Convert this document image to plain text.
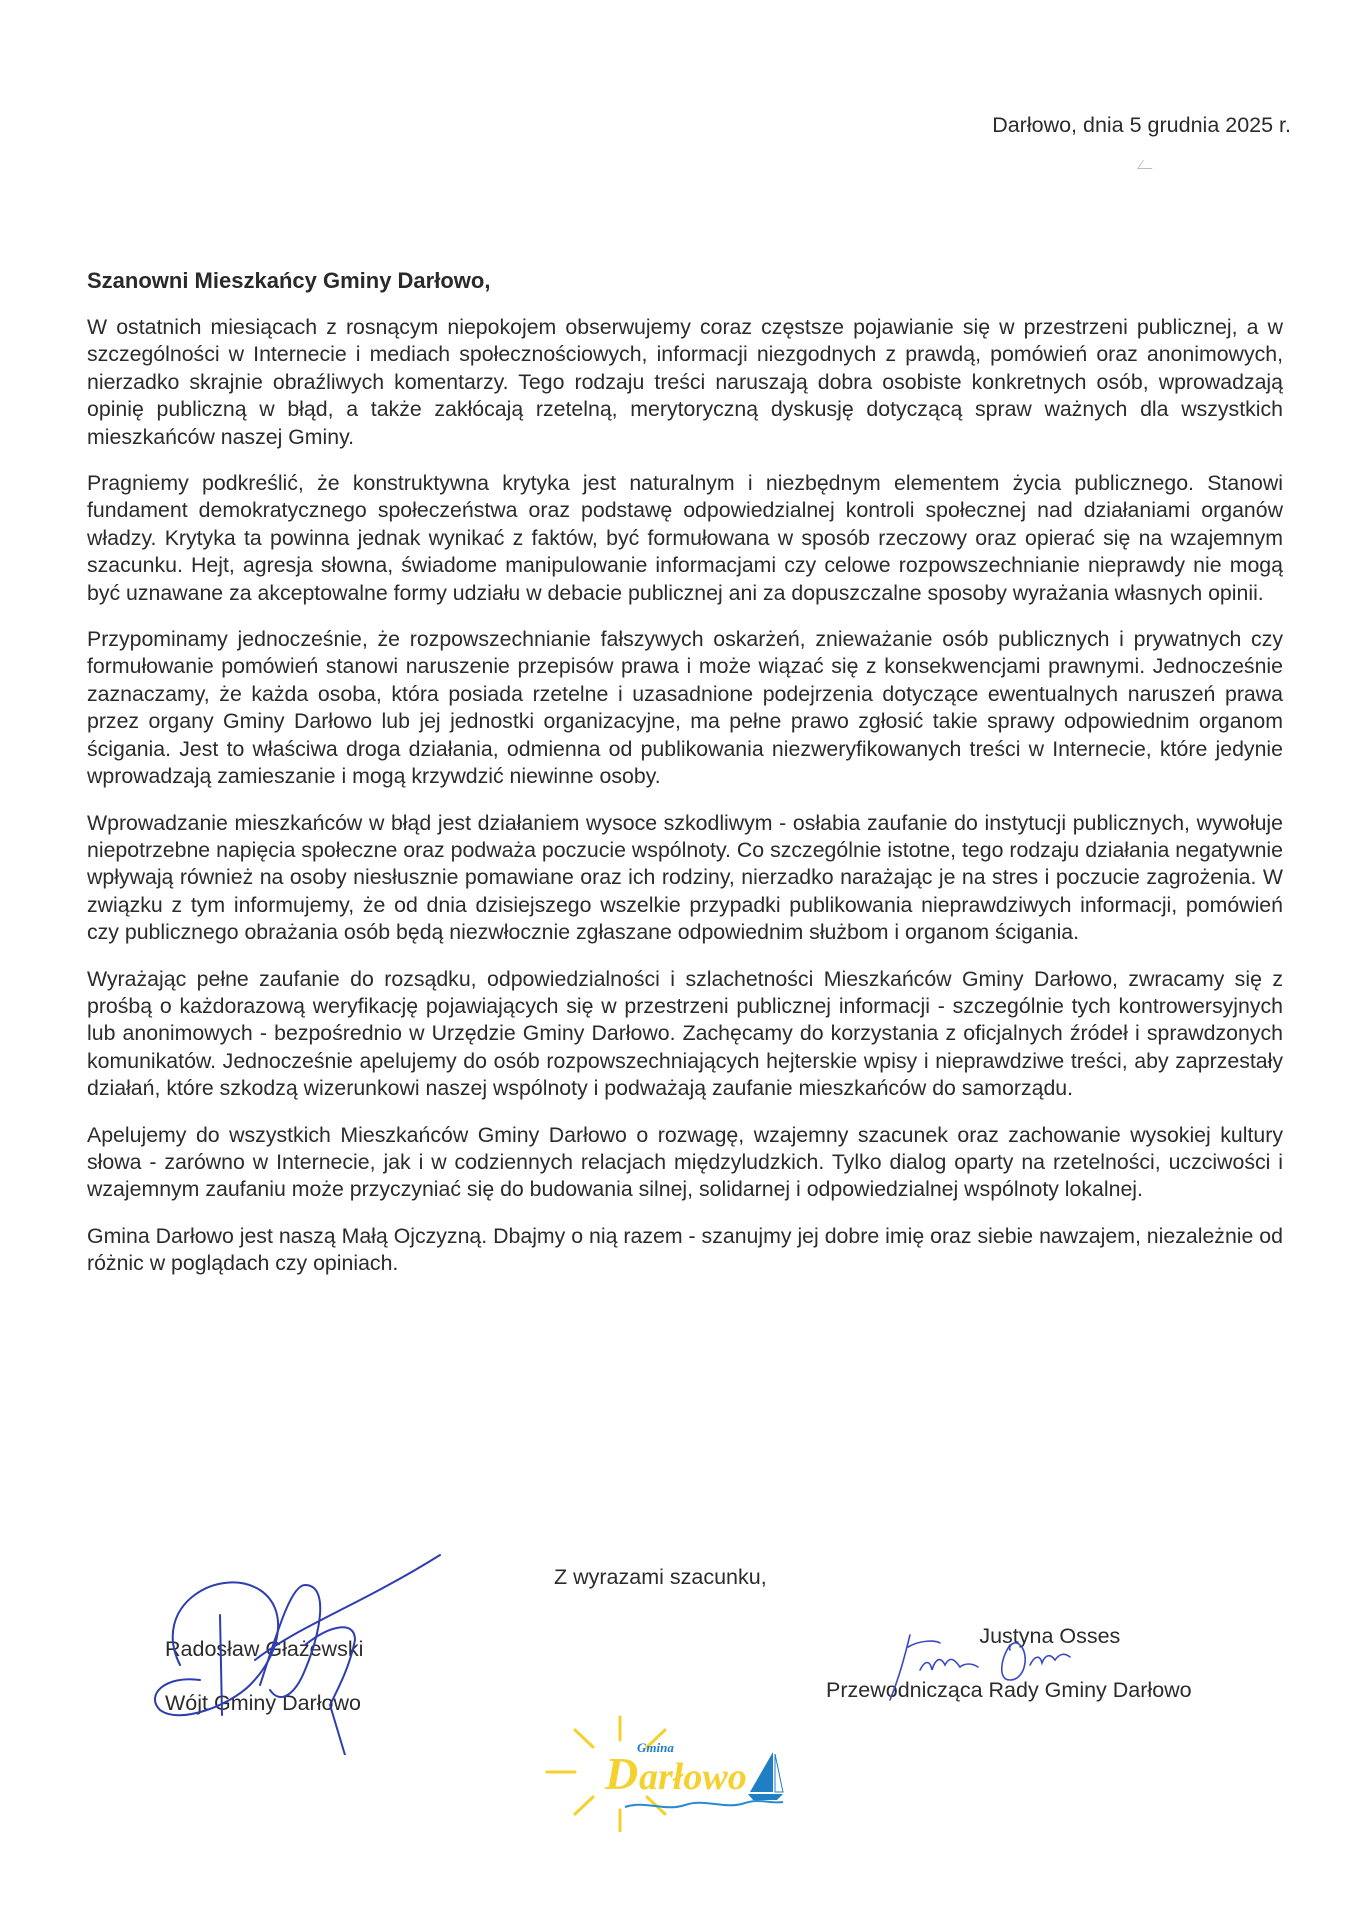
Darłowo, dnia 5 grudnia 2025 r.
Szanowni Mieszkańcy Gminy Darłowo,

W ostatnich miesiącach z rosnącym niepokojem obserwujemy coraz częstsze pojawianie się w przestrzeni publicznej, a w szczególności w Internecie i mediach społecznościowych, informacji niezgodnych z prawdą, pomówień oraz anonimowych, nierzadko skrajnie obraźliwych komentarzy. Tego rodzaju treści naruszają dobra osobiste konkretnych osób, wprowadzają opinię publiczną w błąd, a także zakłócają rzetelną, merytoryczną dyskusję dotyczącą spraw ważnych dla wszystkich mieszkańców naszej Gminy.

Pragniemy podkreślić, że konstruktywna krytyka jest naturalnym i niezbędnym elementem życia publicznego. Stanowi fundament demokratycznego społeczeństwa oraz podstawę odpowiedzialnej kontroli społecznej nad działaniami organów władzy. Krytyka ta powinna jednak wynikać z faktów, być formułowana w sposób rzeczowy oraz opierać się na wzajemnym szacunku. Hejt, agresja słowna, świadome manipulowanie informacjami czy celowe rozpowszechnianie nieprawdy nie mogą być uznawane za akceptowalne formy udziału w debacie publicznej ani za dopuszczalne sposoby wyrażania własnych opinii.

Przypominamy jednocześnie, że rozpowszechnianie fałszywych oskarżeń, znieważanie osób publicznych i prywatnych czy formułowanie pomówień stanowi naruszenie przepisów prawa i może wiązać się z konsekwencjami prawnymi. Jednocześnie zaznaczamy, że każda osoba, która posiada rzetelne i uzasadnione podejrzenia dotyczące ewentualnych naruszeń prawa przez organy Gminy Darłowo lub jej jednostki organizacyjne, ma pełne prawo zgłosić takie sprawy odpowiednim organom ścigania. Jest to właściwa droga działania, odmienna od publikowania niezweryfikowanych treści w Internecie, które jedynie wprowadzają zamieszanie i mogą krzywdzić niewinne osoby.

Wprowadzanie mieszkańców w błąd jest działaniem wysoce szkodliwym - osłabia zaufanie do instytucji publicznych, wywołuje niepotrzebne napięcia społeczne oraz podważa poczucie wspólnoty. Co szczególnie istotne, tego rodzaju działania negatywnie wpływają również na osoby niesłusznie pomawiane oraz ich rodziny, nierzadko narażając je na stres i poczucie zagrożenia. W związku z tym informujemy, że od dnia dzisiejszego wszelkie przypadki publikowania nieprawdziwych informacji, pomówień czy publicznego obrażania osób będą niezwłocznie zgłaszane odpowiednim służbom i organom ścigania.

Wyrażając pełne zaufanie do rozsądku, odpowiedzialności i szlachetności Mieszkańców Gminy Darłowo, zwracamy się z prośbą o każdorazową weryfikację pojawiających się w przestrzeni publicznej informacji - szczególnie tych kontrowersyjnych lub anonimowych - bezpośrednio w Urzędzie Gminy Darłowo. Zachęcamy do korzystania z oficjalnych źródeł i sprawdzonych komunikatów. Jednocześnie apelujemy do osób rozpowszechniających hejterskie wpisy i nieprawdziwe treści, aby zaprzestały działań, które szkodzą wizerunkowi naszej wspólnoty i podważają zaufanie mieszkańców do samorządu.

Apelujemy do wszystkich Mieszkańców Gminy Darłowo o rozwagę, wzajemny szacunek oraz zachowanie wysokiej kultury słowa - zarówno w Internecie, jak i w codziennych relacjach międzyludzkich. Tylko dialog oparty na rzetelności, uczciwości i wzajemnym zaufaniu może przyczyniać się do budowania silnej, solidarnej i odpowiedzialnej wspólnoty lokalnej.

Gmina Darłowo jest naszą Małą Ojczyzną. Dbajmy o nią razem - szanujmy jej dobre imię oraz siebie nawzajem, niezależnie od różnic w poglądach czy opiniach.

Z wyrazami szacunku,
Radosław Głażewski
Wójt Gminy Darłowo
Justyna Osses
Przewodnicząca Rady Gminy Darłowo
D
Gmina
arłowo
